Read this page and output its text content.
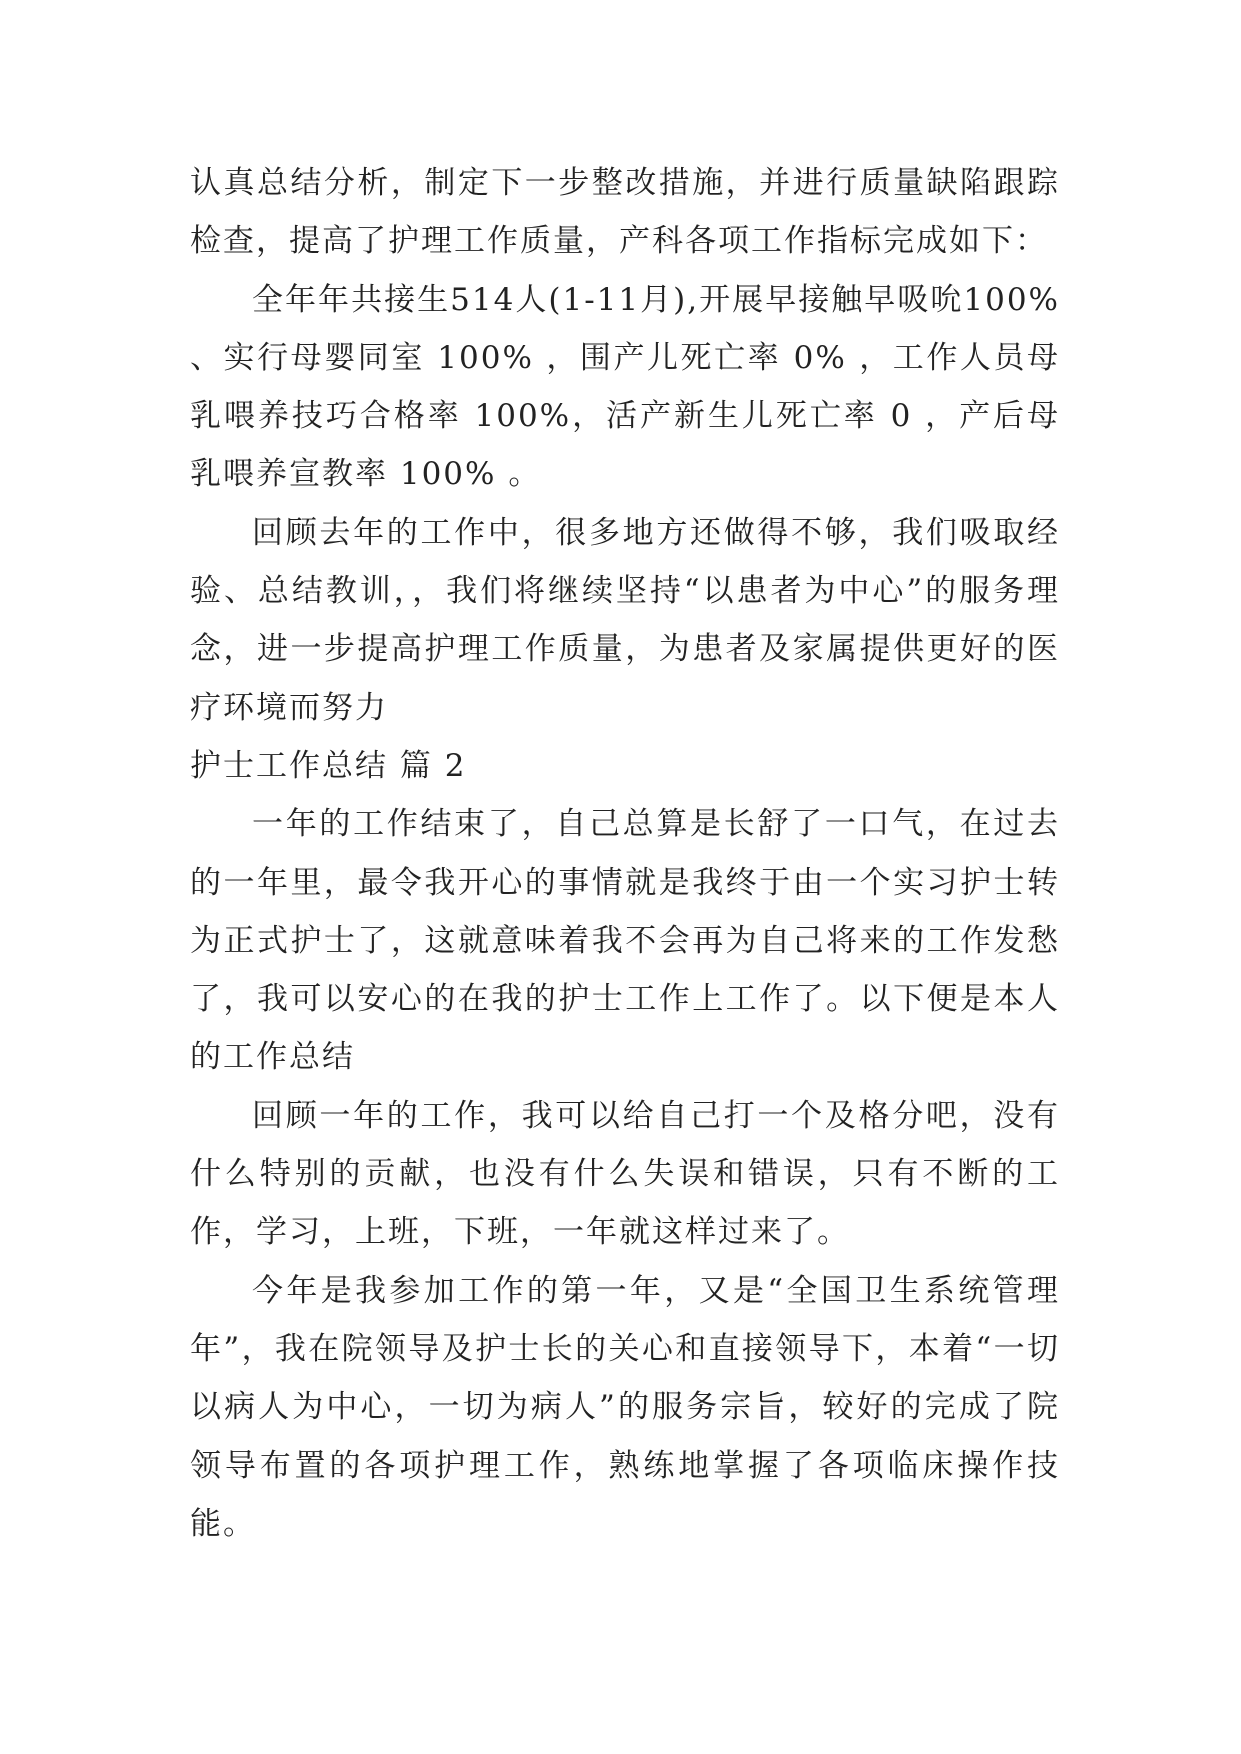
认真总结分析，制定下一步整改措施，并进行质量缺陷跟踪检查，提高了护理工作质量，产科各项工作指标完成如下：

全年年共接生514人(1-11月),开展早接触早吸吮100% 、实行母婴同室 100% ，围产儿死亡率 0% ，工作人员母乳喂养技巧合格率 100%，活产新生儿死亡率 0 ，产后母乳喂养宣教率 100% 。

回顾去年的工作中，很多地方还做得不够，我们吸取经验、总结教训，，我们将继续坚持“以患者为中心”的服务理念，进一步提高护理工作质量，为患者及家属提供更好的医疗环境而努力

护士工作总结 篇 2

一年的工作结束了，自己总算是长舒了一口气，在过去的一年里，最令我开心的事情就是我终于由一个实习护士转为正式护士了，这就意味着我不会再为自己将来的工作发愁了，我可以安心的在我的护士工作上工作了。以下便是本人的工作总结

回顾一年的工作，我可以给自己打一个及格分吧，没有什么特别的贡献，也没有什么失误和错误，只有不断的工作，学习，上班，下班，一年就这样过来了。

今年是我参加工作的第一年，又是“全国卫生系统管理年”，我在院领导及护士长的关心和直接领导下，本着“一切以病人为中心，一切为病人”的服务宗旨，较好的完成了院领导布置的各项护理工作，熟练地掌握了各项临床操作技能。
